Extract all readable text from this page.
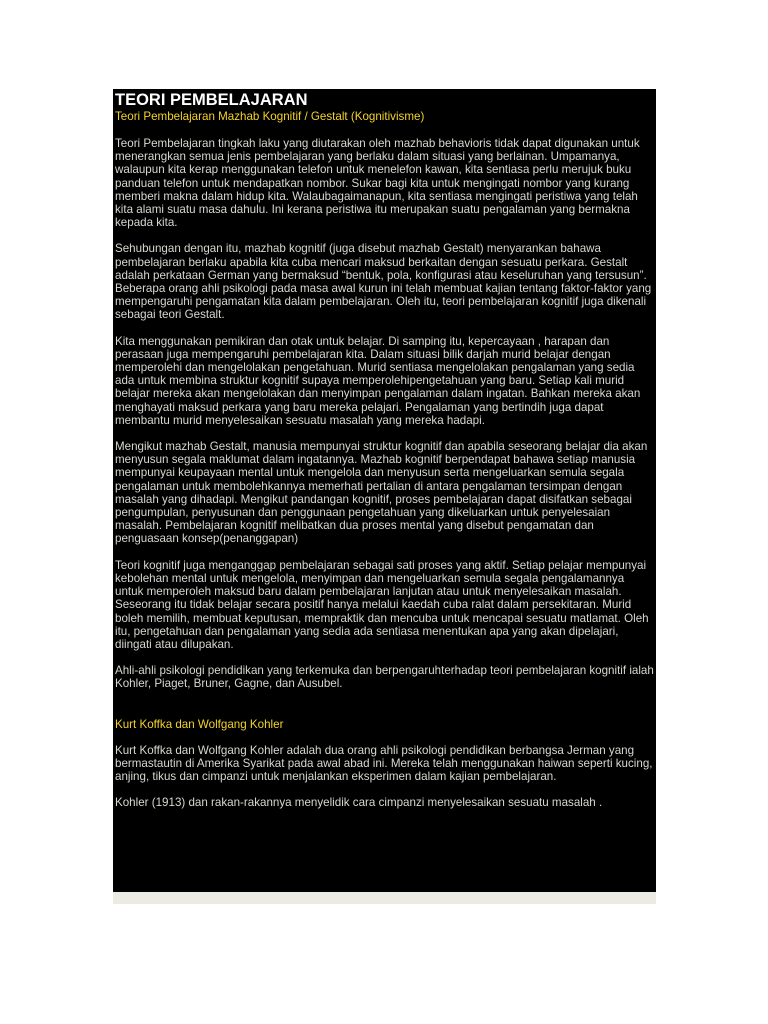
TEORI PEMBELAJARAN

Teori Pembelajaran Mazhab Kognitif / Gestalt (Kognitivisme)

Teori Pembelajaran tingkah laku yang diutarakan oleh mazhab behavioris tidak dapat digunakan untuk menerangkan semua jenis pembelajaran yang berlaku dalam situasi yang berlainan. Umpamanya, walaupun kita kerap menggunakan telefon untuk menelefon kawan, kita sentiasa perlu merujuk buku panduan telefon untuk mendapatkan nombor. Sukar bagi kita untuk mengingati nombor yang kurang memberi makna dalam hidup kita. Walaubagaimanapun, kita sentiasa mengingati peristiwa yang telah kita alami suatu masa dahulu. Ini kerana peristiwa itu merupakan suatu pengalaman yang bermakna kepada kita.

Sehubungan dengan itu, mazhab kognitif (juga disebut mazhab Gestalt) menyarankan bahawa pembelajaran berlaku apabila kita cuba mencari maksud berkaitan dengan sesuatu perkara. Gestalt adalah perkataan German yang bermaksud “bentuk, pola, konfigurasi atau keseluruhan yang tersusun”. Beberapa orang ahli psikologi pada masa awal kurun ini telah membuat kajian tentang faktor-faktor yang mempengaruhi pengamatan kita dalam pembelajaran. Oleh itu, teori pembelajaran kognitif juga dikenali sebagai teori Gestalt.

Kita menggunakan pemikiran dan otak untuk belajar. Di samping itu, kepercayaan , harapan dan perasaan juga mempengaruhi pembelajaran kita. Dalam situasi bilik darjah murid belajar dengan memperolehi dan mengelolakan pengetahuan. Murid sentiasa mengelolakan pengalaman yang sedia ada untuk membina struktur kognitif supaya memperolehipengetahuan yang baru. Setiap kali murid belajar mereka akan mengelolakan dan menyimpan pengalaman dalam ingatan. Bahkan mereka akan menghayati maksud perkara yang baru mereka pelajari. Pengalaman yang bertindih juga dapat membantu murid menyelesaikan sesuatu masalah yang mereka hadapi.

Mengikut mazhab Gestalt, manusia mempunyai struktur kognitif dan apabila seseorang belajar dia akan menyusun segala maklumat dalam ingatannya. Mazhab kognitif berpendapat bahawa setiap manusia mempunyai keupayaan mental untuk mengelola dan menyusun serta mengeluarkan semula segala pengalaman untuk membolehkannya memerhati pertalian di antara pengalaman tersimpan dengan masalah yang dihadapi. Mengikut pandangan kognitif, proses pembelajaran dapat disifatkan sebagai pengumpulan, penyusunan dan penggunaan pengetahuan yang dikeluarkan untuk penyelesaian masalah. Pembelajaran kognitif melibatkan dua proses mental yang disebut pengamatan dan penguasaan konsep(penanggapan)

Teori kognitif juga menganggap pembelajaran sebagai sati proses yang aktif. Setiap pelajar mempunyai kebolehan mental untuk mengelola, menyimpan dan mengeluarkan semula segala pengalamannya untuk memperoleh maksud baru dalam pembelajaran lanjutan atau untuk menyelesaikan masalah. Seseorang itu tidak belajar secara positif hanya melalui kaedah cuba ralat dalam persekitaran. Murid boleh memilih, membuat keputusan, mempraktik dan mencuba untuk mencapai sesuatu matlamat. Oleh itu, pengetahuan dan pengalaman yang sedia ada sentiasa menentukan apa yang akan dipelajari, diingati atau dilupakan.

Ahli-ahli psikologi pendidikan yang terkemuka dan berpengaruhterhadap teori pembelajaran kognitif ialah Kohler, Piaget, Bruner, Gagne, dan Ausubel.

Kurt Koffka dan Wolfgang Kohler

Kurt Koffka dan Wolfgang Kohler adalah dua orang ahli psikologi pendidikan berbangsa Jerman yang bermastautin di Amerika Syarikat pada awal abad ini. Mereka telah menggunakan haiwan seperti kucing, anjing, tikus dan cimpanzi untuk menjalankan eksperimen dalam kajian pembelajaran.

Kohler (1913) dan rakan-rakannya menyelidik cara cimpanzi menyelesaikan sesuatu masalah .
